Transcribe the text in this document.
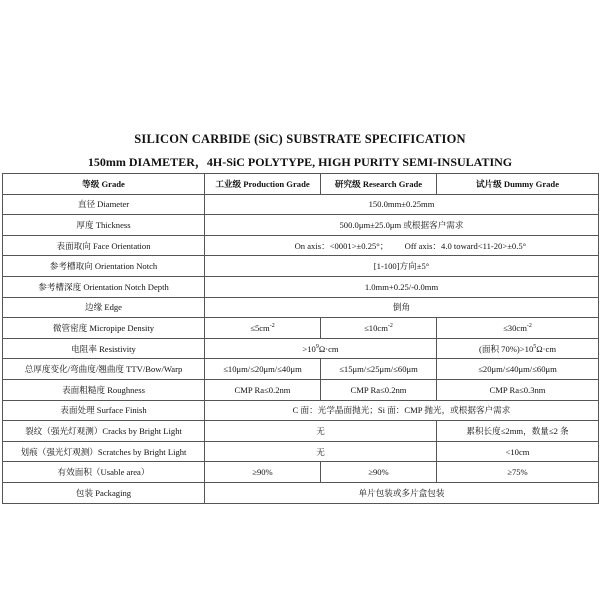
SILICON CARBIDE (SiC) SUBSTRATE SPECIFICATION
150mm DIAMETER，4H-SiC POLYTYPE, HIGH PURITY SEMI-INSULATING
等级 Grade	工业级 Production Grade	研究级 Research Grade	试片级 Dummy Grade
直径 Diameter	150.0mm±0.25mm		
厚度 Thickness	500.0μm±25.0μm 或根据客户需求		
表面取向 Face Orientation	On axis：<0001>±0.25°； Off axis：4.0 toward<11-20>±0.5°		
参考槽取向 Orientation Notch	[1-100]方向±5°		
参考槽深度 Orientation Notch Depth	1.0mm+0.25/-0.0mm		
边缘 Edge	倒角		
微管密度 Micropipe Density	$\le 5cm^{-2}$	$\le 10cm^{-2}$	$\le 30cm^{-2}$
电阻率 Resistivity	$>10^9\Omega\cdot cm$		(面积 $70\%)>10^5\Omega\cdot cm$
总厚度变化/弯曲度/翘曲度 TTV/Bow/Warp	≤10μm/≤20μm/≤40μm	≤15μm/≤25μm/≤60μm	≤20μm/≤40μm/≤60μm
表面粗糙度 Roughness	CMP Ra≤0.2nm	CMP Ra≤0.2nm	CMP Ra≤0.3nm
表面处理 Surface Finish	C 面：光学晶面抛光；Si 面：CMP 抛光，或根据客户需求		
裂纹（强光灯观测）Cracks by Bright Light	无		累积长度≤2mm，数量≤2 条
划痕（强光灯观测）Scratches by Bright Light	无		<10cm
有效面积（Usable area）	≥90%	≥90%	≥75%
包装 Packaging	单片包装或多片盒包装		
